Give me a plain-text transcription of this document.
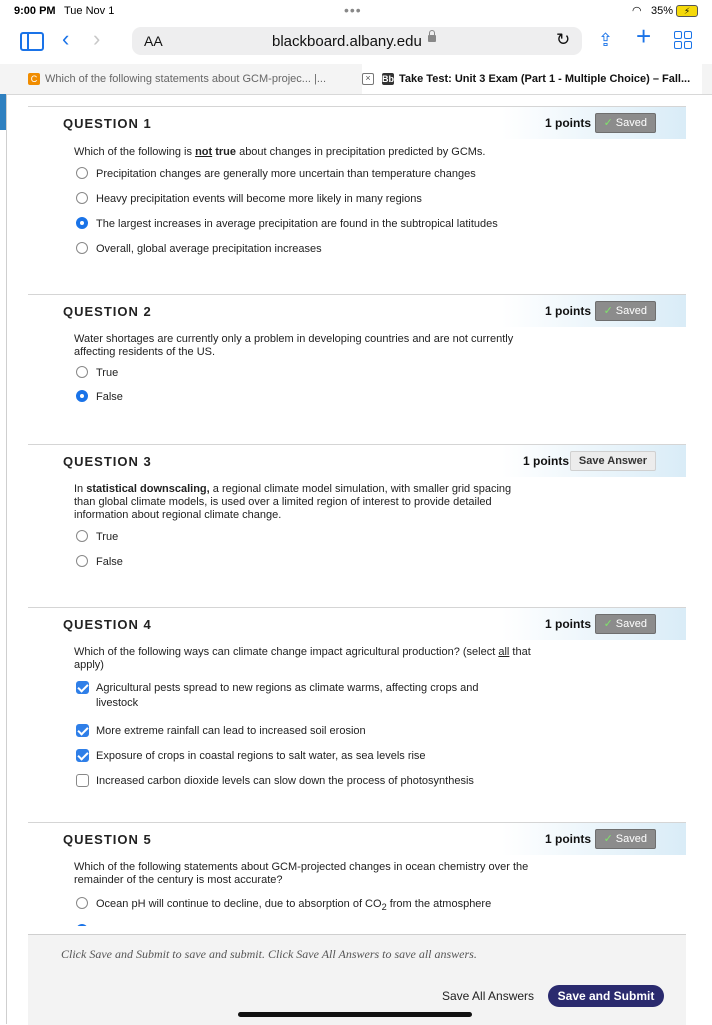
9:00 PM Tue Nov 1	•••	◠ 35%	⚡
‹ ›	AA	blackboard.albany.edu	↻ ⇪ +
C Which of the following statements about GCM-projec... |...	× Bb Take Test: Unit 3 Exam (Part 1 - Multiple Choice) – Fall...
QUESTION 1	1 points	✓ Saved
Which of the following is not true about changes in precipitation predicted by GCMs.
Precipitation changes are generally more uncertain than temperature changes
Heavy precipitation events will become more likely in many regions
The largest increases in average precipitation are found in the subtropical latitudes
Overall, global average precipitation increases
QUESTION 2	1 points	✓ Saved
Water shortages are currently only a problem in developing countries and are not currently affecting residents of the US.
True
False
QUESTION 3	1 points Save Answer
In statistical downscaling, a regional climate model simulation, with smaller grid spacing than global climate models, is used over a limited region of interest to provide detailed information about regional climate change.
True
False
QUESTION 4	1 points	✓ Saved
Which of the following ways can climate change impact agricultural production? (select all that apply)
Agricultural pests spread to new regions as climate warms, affecting crops and livestock
More extreme rainfall can lead to increased soil erosion
Exposure of crops in coastal regions to salt water, as sea levels rise
Increased carbon dioxide levels can slow down the process of photosynthesis
QUESTION 5	1 points	✓ Saved
Which of the following statements about GCM-projected changes in ocean chemistry over the remainder of the century is most accurate?
Ocean pH will continue to decline, due to absorption of $CO_2$ from the atmosphere
Click Save and Submit to save and submit. Click Save All Answers to save all answers.
Save All Answers	Save and Submit
